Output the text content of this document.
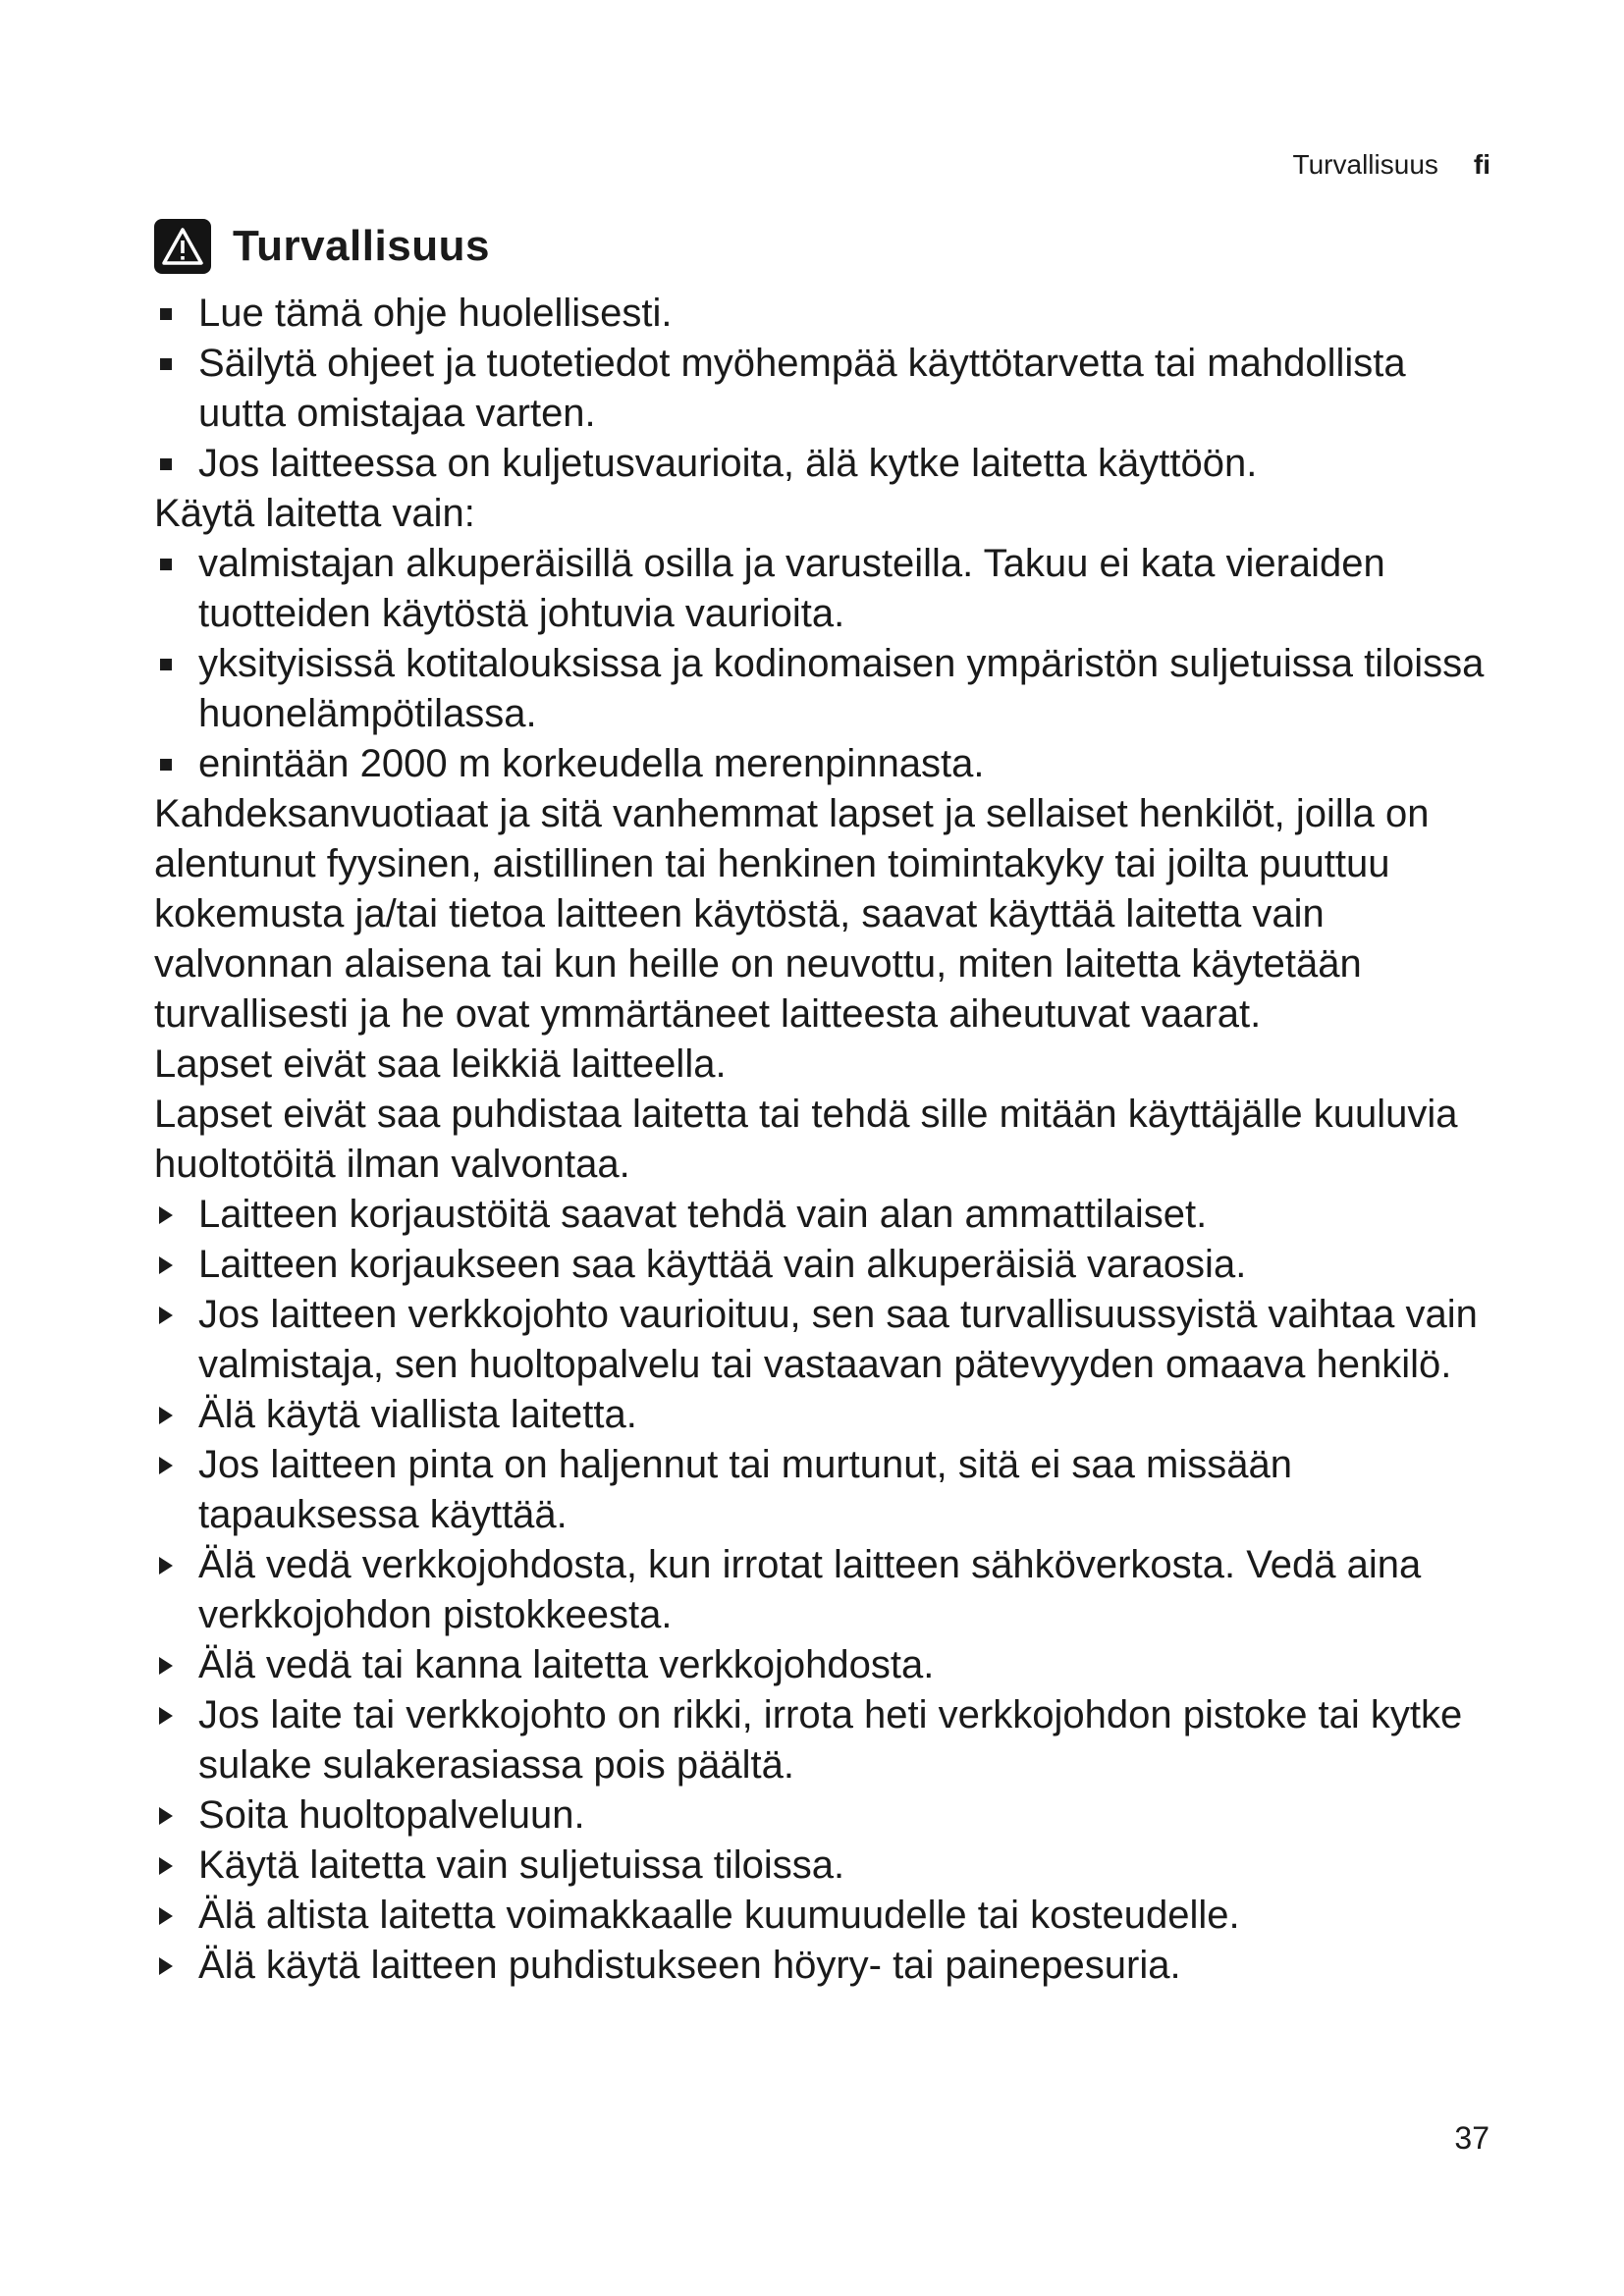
Turvallisuus fi
Turvallisuus
Lue tämä ohje huolellisesti.
Säilytä ohjeet ja tuotetiedot myöhempää käyttötarvetta tai mahdollista uutta omistajaa varten.
Jos laitteessa on kuljetusvaurioita, älä kytke laitetta käyttöön.
Käytä laitetta vain:
valmistajan alkuperäisillä osilla ja varusteilla. Takuu ei kata vieraiden tuotteiden käytöstä johtuvia vaurioita.
yksityisissä kotitalouksissa ja kodinomaisen ympäristön suljetuissa tiloissa huonelämpötilassa.
enintään 2000 m korkeudella merenpinnasta.
Kahdeksanvuotiaat ja sitä vanhemmat lapset ja sellaiset henkilöt, joilla on alentunut fyysinen, aistillinen tai henkinen toimintakyky tai joilta puuttuu kokemusta ja/tai tietoa laitteen käytöstä, saavat käyttää laitetta vain valvonnan alaisena tai kun heille on neuvottu, miten laitetta käytetään turvallisesti ja he ovat ymmärtäneet laitteesta aiheutuvat vaarat.
Lapset eivät saa leikkiä laitteella.
Lapset eivät saa puhdistaa laitetta tai tehdä sille mitään käyttäjälle kuuluvia huoltotöitä ilman valvontaa.
Laitteen korjaustöitä saavat tehdä vain alan ammattilaiset.
Laitteen korjaukseen saa käyttää vain alkuperäisiä varaosia.
Jos laitteen verkkojohto vaurioituu, sen saa turvallisuussyistä vaihtaa vain valmistaja, sen huoltopalvelu tai vastaavan pätevyyden omaava henkilö.
Älä käytä viallista laitetta.
Jos laitteen pinta on haljennut tai murtunut, sitä ei saa missään tapauksessa käyttää.
Älä vedä verkkojohdosta, kun irrotat laitteen sähköverkosta. Vedä aina verkkojohdon pistokkeesta.
Älä vedä tai kanna laitetta verkkojohdosta.
Jos laite tai verkkojohto on rikki, irrota heti verkkojohdon pistoke tai kytke sulake sulakerasiassa pois päältä.
Soita huoltopalveluun.
Käytä laitetta vain suljetuissa tiloissa.
Älä altista laitetta voimakkaalle kuumuudelle tai kosteudelle.
Älä käytä laitteen puhdistukseen höyry- tai painepesuria.
37
